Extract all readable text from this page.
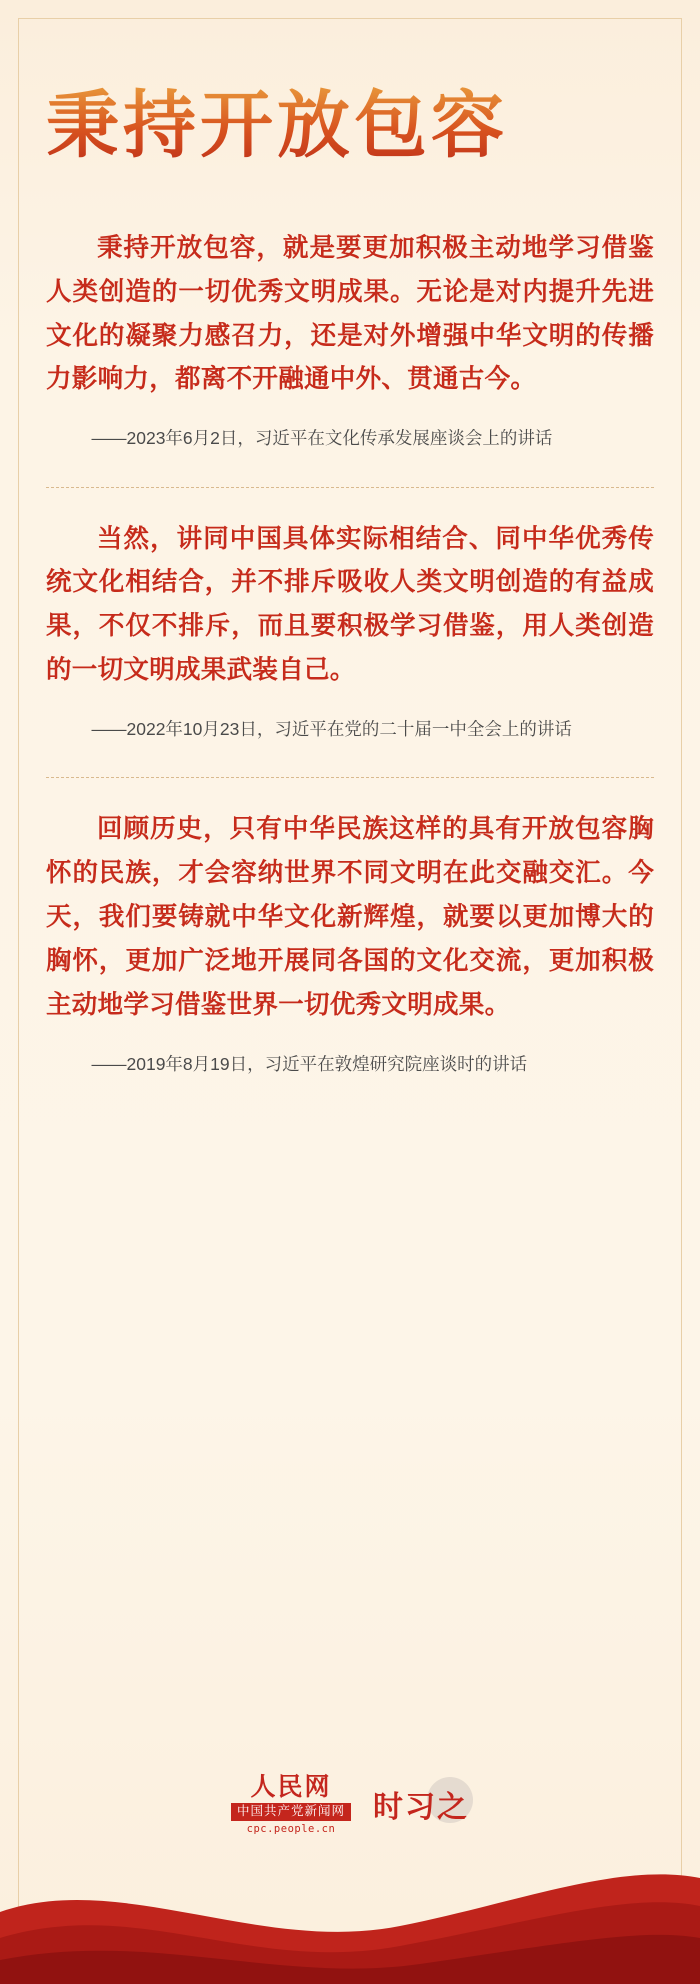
秉持开放包容

秉持开放包容，就是要更加积极主动地学习借鉴人类创造的一切优秀文明成果。无论是对内提升先进文化的凝聚力感召力，还是对外增强中华文明的传播力影响力，都离不开融通中外、贯通古今。

——2023年6月2日，习近平在文化传承发展座谈会上的讲话

当然，讲同中国具体实际相结合、同中华优秀传统文化相结合，并不排斥吸收人类文明创造的有益成果，不仅不排斥，而且要积极学习借鉴，用人类创造的一切文明成果武装自己。

——2022年10月23日，习近平在党的二十届一中全会上的讲话

回顾历史，只有中华民族这样的具有开放包容胸怀的民族，才会容纳世界不同文明在此交融交汇。今天，我们要铸就中华文化新辉煌，就要以更加博大的胸怀，更加广泛地开展同各国的文化交流，更加积极主动地学习借鉴世界一切优秀文明成果。

——2019年8月19日，习近平在敦煌研究院座谈时的讲话

人民网
中国共产党新闻网
cpc.people.cn
时习之
